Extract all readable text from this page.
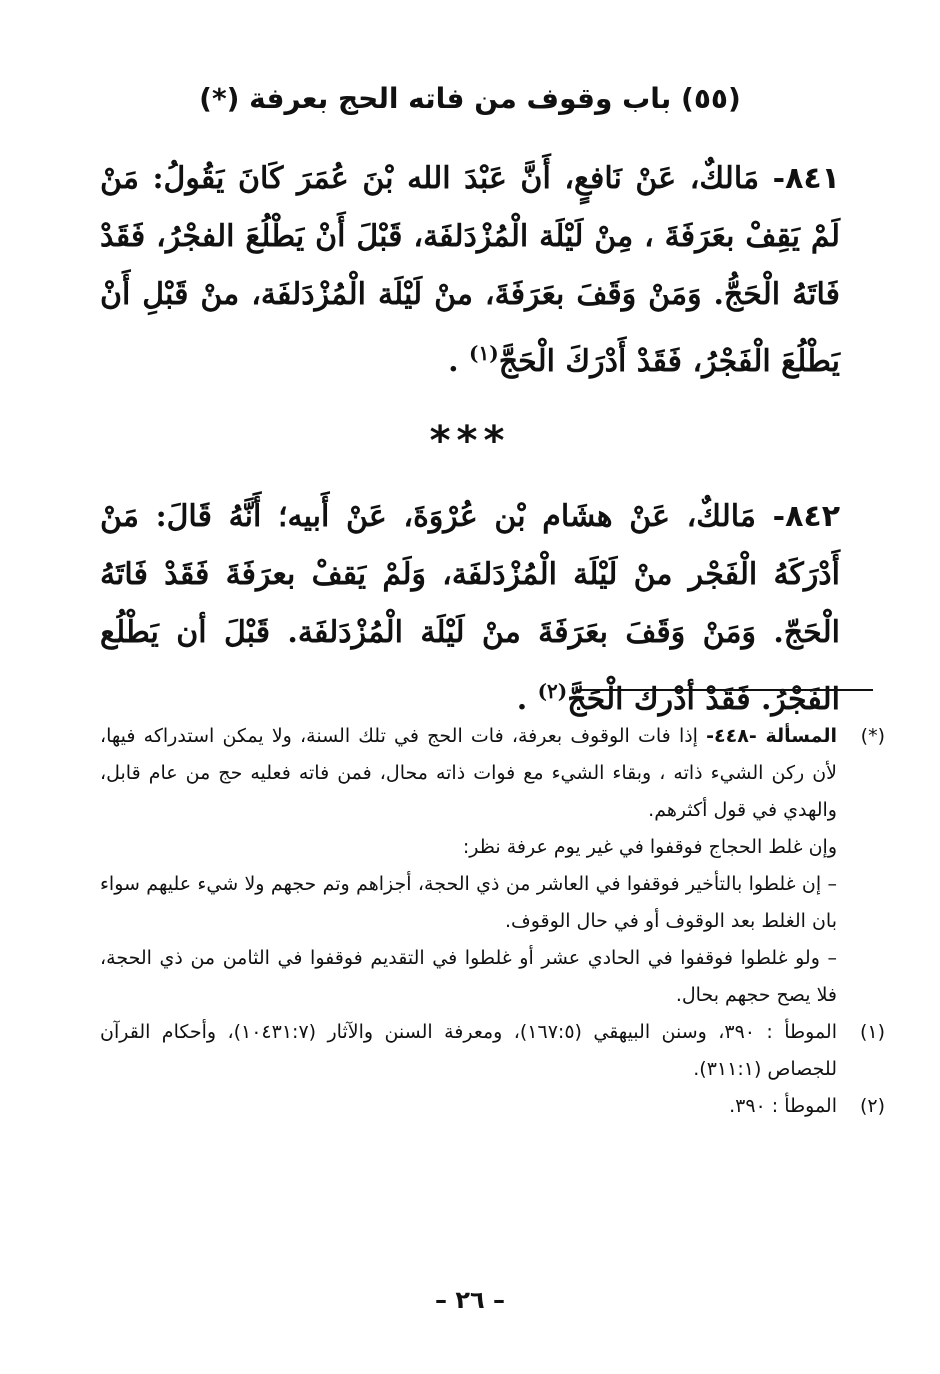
(٥٥) باب وقوف من فاته الحج بعرفة (*)
٨٤١- مَالكٌ، عَنْ نَافعٍ، أَنَّ عَبْدَ الله بْنَ عُمَرَ كَانَ يَقُولُ: مَنْ لَمْ يَقِفْ بعَرَفَةَ ، مِنْ لَيْلَة الْمُزْدَلفَة، قَبْلَ أَنْ يَطْلُعَ الفجْرُ، فَقَدْ فَاتَهُ الْحَجُّ. وَمَنْ وَقَفَ بعَرَفَةَ، منْ لَيْلَة الْمُزْدَلفَة، منْ قَبْلِ أَنْ يَطْلُعَ الْفَجْرُ، فَقَدْ أَدْرَكَ الْحَجَّ$^{(١)}$ .
***
٨٤٢- مَالكٌ، عَنْ هشَام بْن عُرْوَةَ، عَنْ أَبيه؛ أَنَّهُ قَالَ: مَنْ أَدْرَكَهُ الْفَجْر منْ لَيْلَة الْمُزْدَلفَة، وَلَمْ يَقفْ بعرَفَةَ فَقَدْ فَاتَهُ الْحَجّ. وَمَنْ وَقَفَ بعَرَفَةَ منْ لَيْلَة الْمُزْدَلفَة. قَبْلَ أن يَطْلُع الفَجْرُ. فَقَدْ أدْرك الْحَجَّ$^{(٢)}$ .
(*)
المسألة -٤٤٨- إذا فات الوقوف بعرفة، فات الحج في تلك السنة، ولا يمكن استدراكه فيها، لأن ركن الشيء ذاته ، وبقاء الشيء مع فوات ذاته محال، فمن فاته فعليه حج من عام قابل، والهدي في قول أكثرهم.
وإن غلط الحجاج فوقفوا في غير يوم عرفة نظر:
– إن غلطوا بالتأخير فوقفوا في العاشر من ذي الحجة، أجزاهم وتم حجهم ولا شيء عليهم سواء بان الغلط بعد الوقوف أو في حال الوقوف.
– ولو غلطوا فوقفوا في الحادي عشر أو غلطوا في التقديم فوقفوا في الثامن من ذي الحجة، فلا يصح حجهم بحال.
(١)
الموطأ : ٣٩٠، وسنن البيهقي (١٦٧:٥)، ومعرفة السنن والآثار (١٠٤٣١:٧)، وأحكام القرآن للجصاص (٣١١:١).
(٢)
الموطأ : ٣٩٠.
– ٢٦ –
